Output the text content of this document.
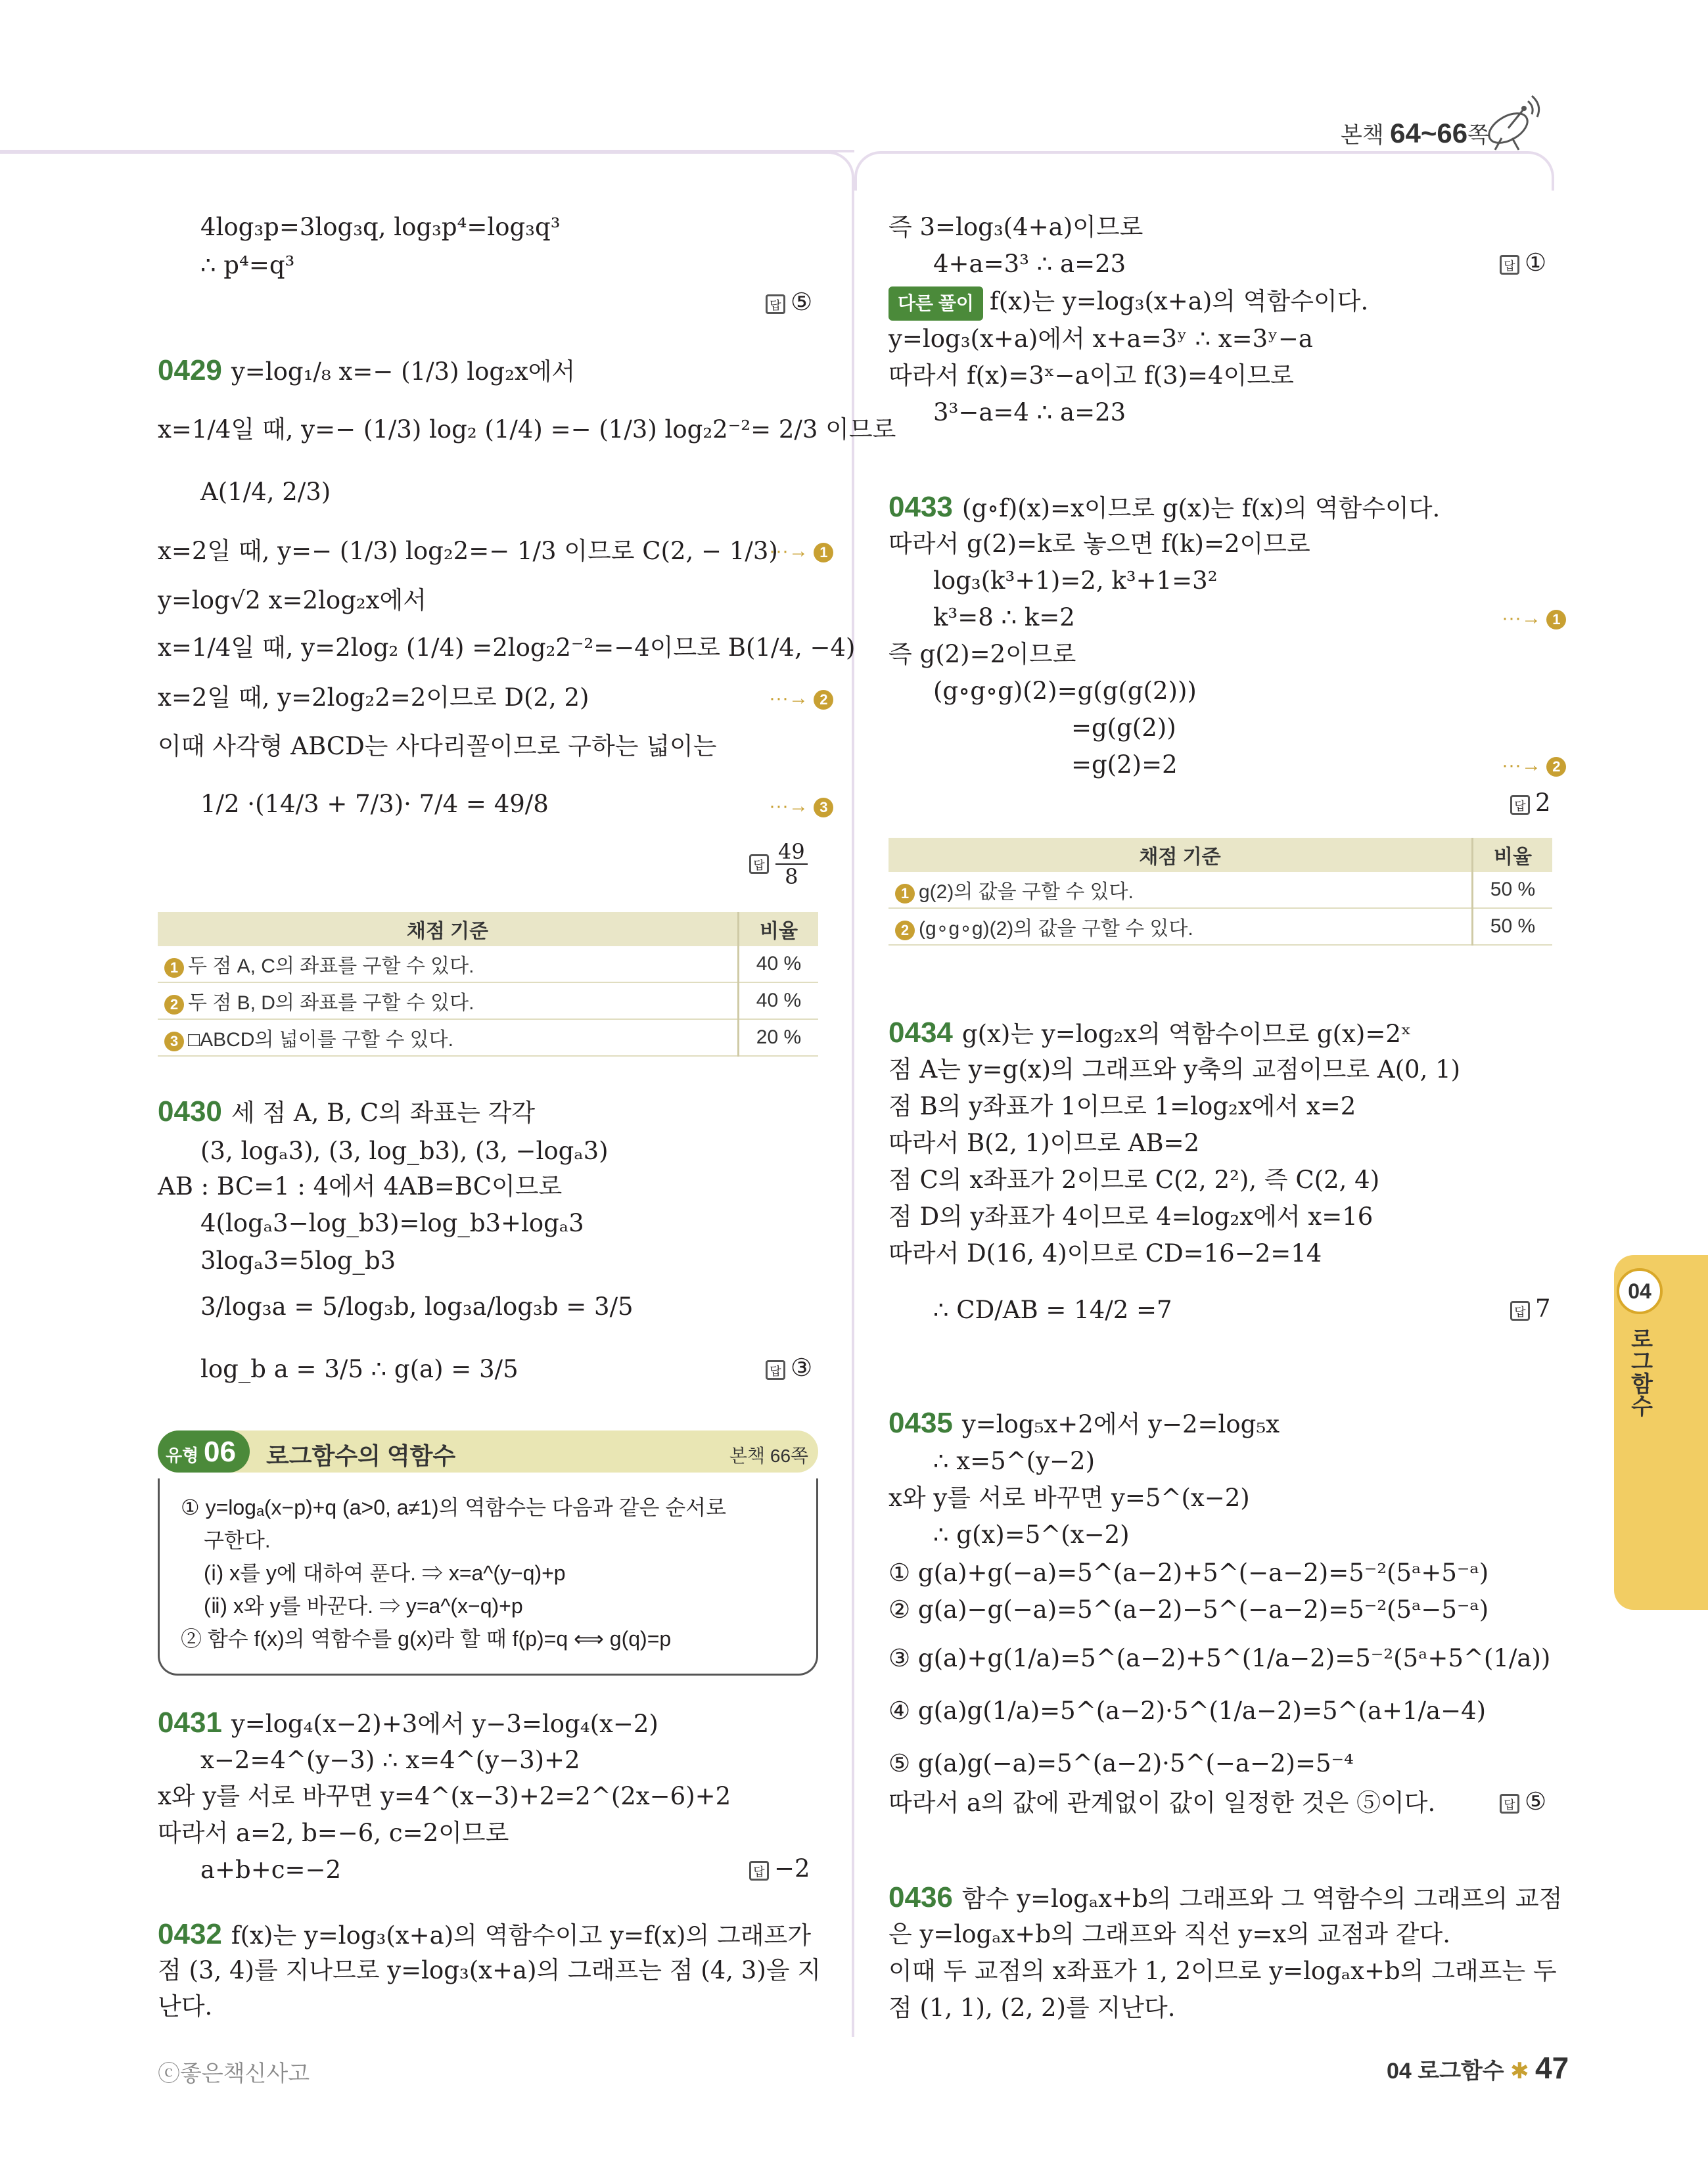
본책 64~66쪽
4log₃p=3log₃q, log₃p⁴=log₃q³
∴ p⁴=q³
답 ⑤
0429 y=log₁/₈ x=− (1/3) log₂x에서
x=1/4일 때, y=− (1/3) log₂ (1/4) =− (1/3) log₂2⁻²= 2/3 이므로
A(1/4, 2/3)
x=2일 때, y=− (1/3) log₂2=− 1/3 이므로 C(2, − 1/3)
···→ 1
y=log√2 x=2log₂x에서
x=1/4일 때, y=2log₂ (1/4) =2log₂2⁻²=−4이므로 B(1/4, −4)
x=2일 때, y=2log₂2=2이므로 D(2, 2)	···→ 2
이때 사각형 ABCD는 사다리꼴이므로 구하는 넓이는
1/2 ·(14/3 + 7/3)· 7/4 = 49/8	···→ 3
답 $\frac{49}{8}$
채점 기준	비율
1 두 점 A, C의 좌표를 구할 수 있다.	40 %
2 두 점 B, D의 좌표를 구할 수 있다.	40 %
3 □ABCD의 넓이를 구할 수 있다.	20 %
0430 세 점 A, B, C의 좌표는 각각
(3, logₐ3), (3, log_b3), (3, −logₐ3)
AB : BC=1 : 4에서 4AB=BC이므로
4(logₐ3−log_b3)=log_b3+logₐ3
3logₐ3=5log_b3
3/log₃a = 5/log₃b, log₃a/log₃b = 3/5
log_b a = 3/5 ∴ g(a) = 3/5	답 ③
유형 06 로그함수의 역함수	본책 66쪽
① y=logₐ(x−p)+q (a>0, a≠1)의 역함수는 다음과 같은 순서로
구한다.
(ⅰ) x를 y에 대하여 푼다. ⇒ x=a^(y−q)+p
(ⅱ) x와 y를 바꾼다. ⇒ y=a^(x−q)+p
② 함수 f(x)의 역함수를 g(x)라 할 때 f(p)=q ⟺ g(q)=p
0431 y=log₄(x−2)+3에서 y−3=log₄(x−2)
x−2=4^(y−3) ∴ x=4^(y−3)+2
x와 y를 서로 바꾸면 y=4^(x−3)+2=2^(2x−6)+2
따라서 a=2, b=−6, c=2이므로
a+b+c=−2	답 −2
0432 f(x)는 y=log₃(x+a)의 역함수이고 y=f(x)의 그래프가
점 (3, 4)를 지나므로 y=log₃(x+a)의 그래프는 점 (4, 3)을 지
난다.
즉 3=log₃(4+a)이므로
4+a=3³ ∴ a=23	답 ①
다른 풀이 f(x)는 y=log₃(x+a)의 역함수이다.
y=log₃(x+a)에서 x+a=3ʸ ∴ x=3ʸ−a
따라서 f(x)=3ˣ−a이고 f(3)=4이므로
3³−a=4 ∴ a=23
0433 (g∘f)(x)=x이므로 g(x)는 f(x)의 역함수이다.
따라서 g(2)=k로 놓으면 f(k)=2이므로
log₃(k³+1)=2, k³+1=3²
k³=8 ∴ k=2	···→ 1
즉 g(2)=2이므로
(g∘g∘g)(2)=g(g(g(2)))
=g(g(2))
=g(2)=2	···→ 2
답 2
채점 기준	비율
1 g(2)의 값을 구할 수 있다.	50 %
2 (g∘g∘g)(2)의 값을 구할 수 있다.	50 %
0434 g(x)는 y=log₂x의 역함수이므로 g(x)=2ˣ
점 A는 y=g(x)의 그래프와 y축의 교점이므로 A(0, 1)
점 B의 y좌표가 1이므로 1=log₂x에서 x=2
따라서 B(2, 1)이므로 AB=2
점 C의 x좌표가 2이므로 C(2, 2²), 즉 C(2, 4)
점 D의 y좌표가 4이므로 4=log₂x에서 x=16
따라서 D(16, 4)이므로 CD=16−2=14
∴ CD/AB = 14/2 =7	답 7
0435 y=log₅x+2에서 y−2=log₅x
∴ x=5^(y−2)
x와 y를 서로 바꾸면 y=5^(x−2)
∴ g(x)=5^(x−2)
① g(a)+g(−a)=5^(a−2)+5^(−a−2)=5⁻²(5ᵃ+5⁻ᵃ)
② g(a)−g(−a)=5^(a−2)−5^(−a−2)=5⁻²(5ᵃ−5⁻ᵃ)
③ g(a)+g(1/a)=5^(a−2)+5^(1/a−2)=5⁻²(5ᵃ+5^(1/a))
④ g(a)g(1/a)=5^(a−2)·5^(1/a−2)=5^(a+1/a−4)
⑤ g(a)g(−a)=5^(a−2)·5^(−a−2)=5⁻⁴
따라서 a의 값에 관계없이 값이 일정한 것은 ⑤이다.	답 ⑤
0436 함수 y=logₐx+b의 그래프와 그 역함수의 그래프의 교점
은 y=logₐx+b의 그래프와 직선 y=x의 교점과 같다.
이때 두 교점의 x좌표가 1, 2이므로 y=logₐx+b의 그래프는 두
점 (1, 1), (2, 2)를 지난다.
04
로그함수
ⓒ좋은책신사고	04 로그함수 ✱ 47
